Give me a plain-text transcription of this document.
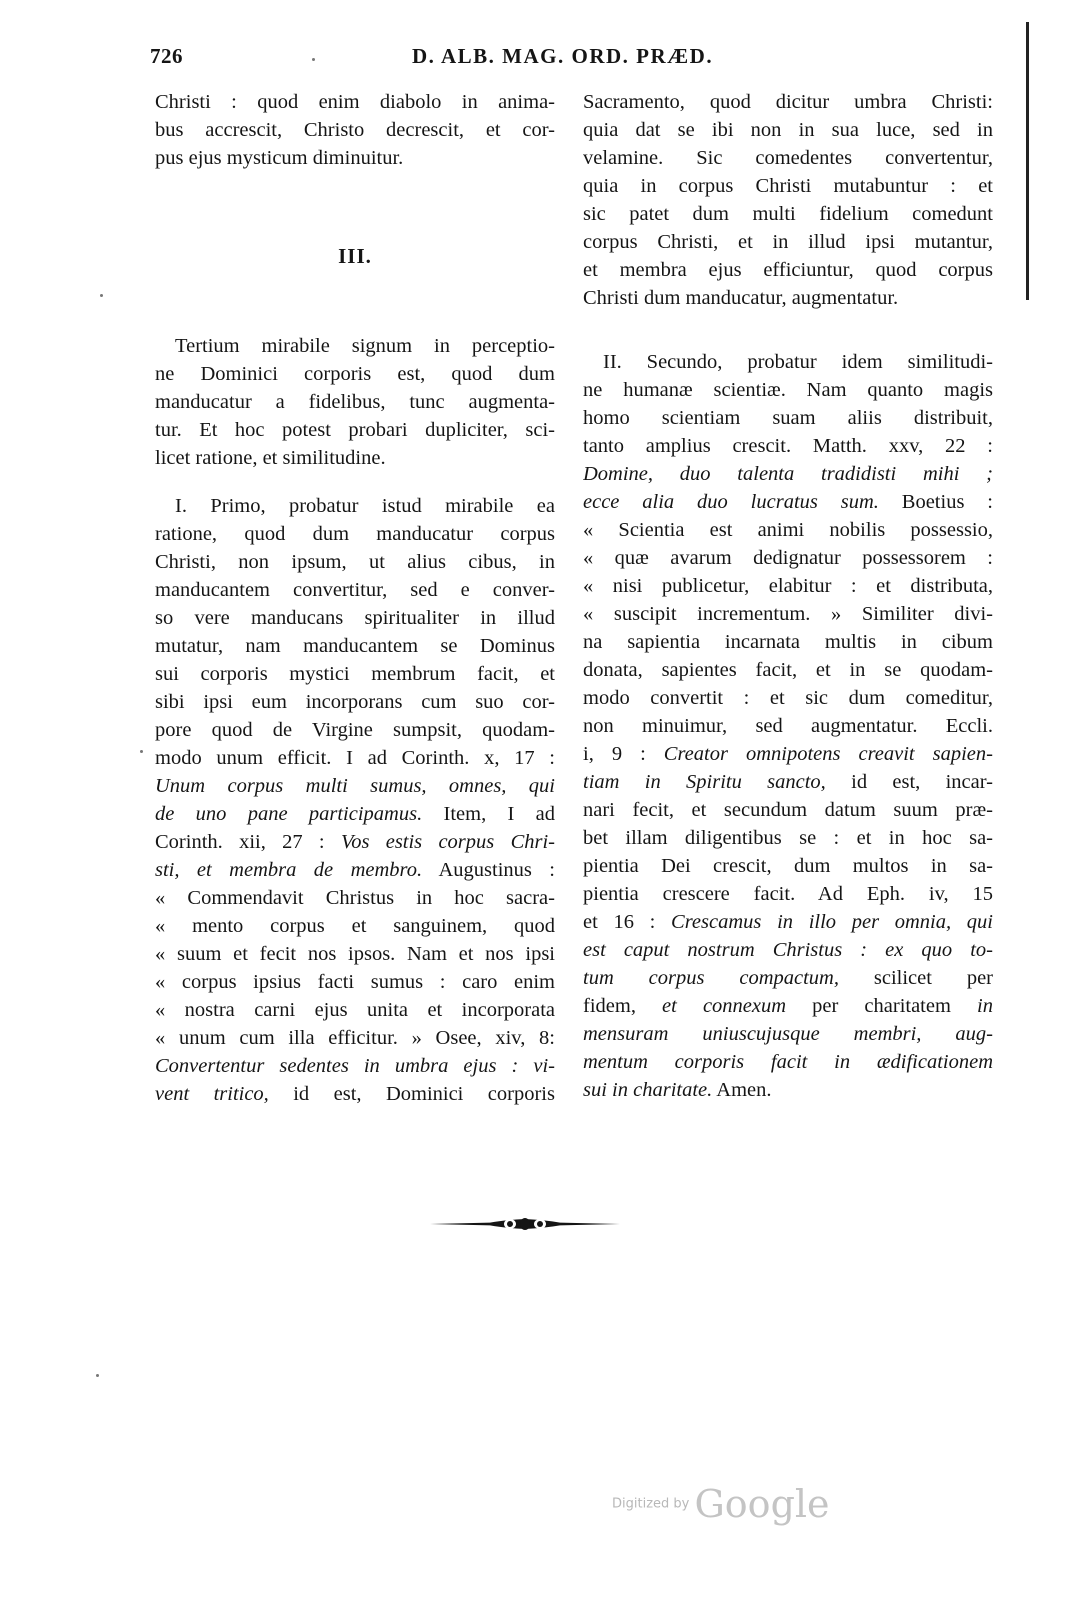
726	D. ALB. MAG. ORD. PRÆD.

Christi : quod enim diabolo in anima-
bus accrescit, Christo decrescit, et cor-
pus ejus mysticum diminuitur.

III.

Tertium mirabile signum in perceptio-
ne Dominici corporis est, quod dum
manducatur a fidelibus, tunc augmenta-
tur. Et hoc potest probari dupliciter, sci-
licet ratione, et similitudine.

I. Primo, probatur istud mirabile ea
ratione, quod dum manducatur corpus
Christi, non ipsum, ut alius cibus, in
manducantem convertitur, sed e conver-
so vere manducans spiritualiter in illud
mutatur, nam manducantem se Dominus
sui corporis mystici membrum facit, et
sibi ipsi eum incorporans cum suo cor-
pore quod de Virgine sumpsit, quodam-
modo unum efficit. I ad Corinth. x, 17 :
Unum corpus multi sumus, omnes, qui
de uno pane participamus. Item, I ad
Corinth. xii, 27 : Vos estis corpus Chri-
sti, et membra de membro. Augustinus :
« Commendavit Christus in hoc sacra-
« mento corpus et sanguinem, quod
« suum et fecit nos ipsos. Nam et nos ipsi
« corpus ipsius facti sumus : caro enim
« nostra carni ejus unita et incorporata
« unum cum illa efficitur. » Osee, xiv, 8:
Convertentur sedentes in umbra ejus : vi-
vent tritico, id est, Dominici corporis

Sacramento, quod dicitur umbra Christi:
quia dat se ibi non in sua luce, sed in
velamine. Sic comedentes convertentur,
quia in corpus Christi mutabuntur : et
sic patet dum multi fidelium comedunt
corpus Christi, et in illud ipsi mutantur,
et membra ejus efficiuntur, quod corpus
Christi dum manducatur, augmentatur.

II. Secundo, probatur idem similitudi-
ne humanæ scientiæ. Nam quanto magis
homo scientiam suam aliis distribuit,
tanto amplius crescit. Matth. xxv, 22 :
Domine, duo talenta tradidisti mihi ;
ecce alia duo lucratus sum. Boetius :
« Scientia est animi nobilis possessio,
« quæ avarum dedignatur possessorem :
« nisi publicetur, elabitur : et distributa,
« suscipit incrementum. » Similiter divi-
na sapientia incarnata multis in cibum
donata, sapientes facit, et in se quodam-
modo convertit : et sic dum comeditur,
non minuimur, sed augmentatur. Eccli.
i, 9 : Creator omnipotens creavit sapien-
tiam in Spiritu sancto, id est, incar-
nari fecit, et secundum datum suum præ-
bet illam diligentibus se : et in hoc sa-
pientia Dei crescit, dum multos in sa-
pientia crescere facit. Ad Eph. iv, 15
et 16 : Crescamus in illo per omnia, qui
est caput nostrum Christus : ex quo to-
tum corpus compactum, scilicet per
fidem, et connexum per charitatem in
mensuram uniuscujusque membri, aug-
mentum corporis facit in ædificationem
sui in charitate. Amen.

Digitized by Google
